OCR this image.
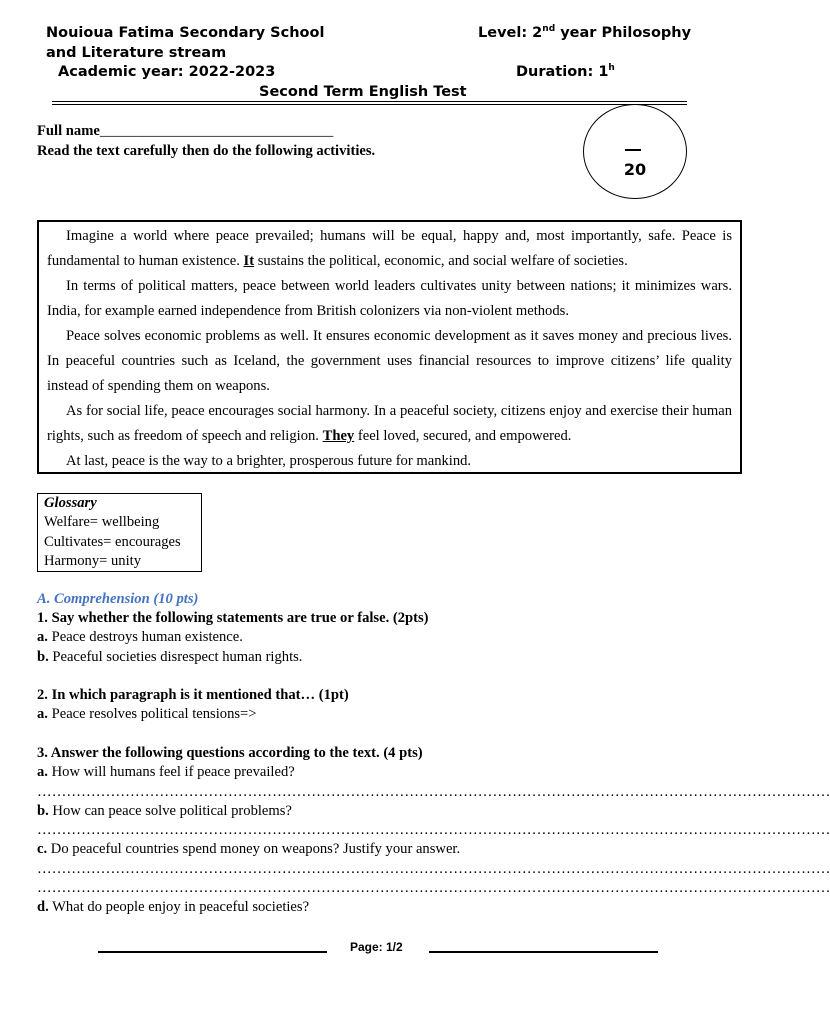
Nouioua Fatima Secondary School
and Literature stream
Level: 2nd year Philosophy
Academic year: 2022-2023	Duration: 1$^h$
Second Term English Test
Full name________________________________
Read the text carefully then do the following activities.
20

Imagine a world where peace prevailed; humans will be equal, happy and, most importantly, safe. Peace is fundamental to human existence. It sustains the political, economic, and social welfare of societies.

In terms of political matters, peace between world leaders cultivates unity between nations; it minimizes wars. India, for example earned independence from British colonizers via non-violent methods.

Peace solves economic problems as well. It ensures economic development as it saves money and precious lives. In peaceful countries such as Iceland, the government uses financial resources to improve citizens’ life quality instead of spending them on weapons.

As for social life, peace encourages social harmony. In a peaceful society, citizens enjoy and exercise their human rights, such as freedom of speech and religion. They feel loved, secured, and empowered.

At last, peace is the way to a brighter, prosperous future for mankind.

Glossary
Welfare= wellbeing
Cultivates= encourages
Harmony= unity
A. Comprehension (10 pts)
1. Say whether the following statements are true or false. (2pts)
a. Peace destroys human existence.
b. Peaceful societies disrespect human rights.
2. In which paragraph is it mentioned that… (1pt)
a. Peace resolves political tensions=>
3. Answer the following questions according to the text. (4 pts)
a. How will humans feel if peace prevailed?
………………………………………………………………………………………………………………………………………………
b. How can peace solve political problems?
………………………………………………………………………………………………………………………………………………
c. Do peaceful countries spend money on weapons? Justify your answer.
………………………………………………………………………………………………………………………………………………
………………………………………………………………………………………………………………………………………………
d. What do people enjoy in peaceful societies?
Page: 1/2
